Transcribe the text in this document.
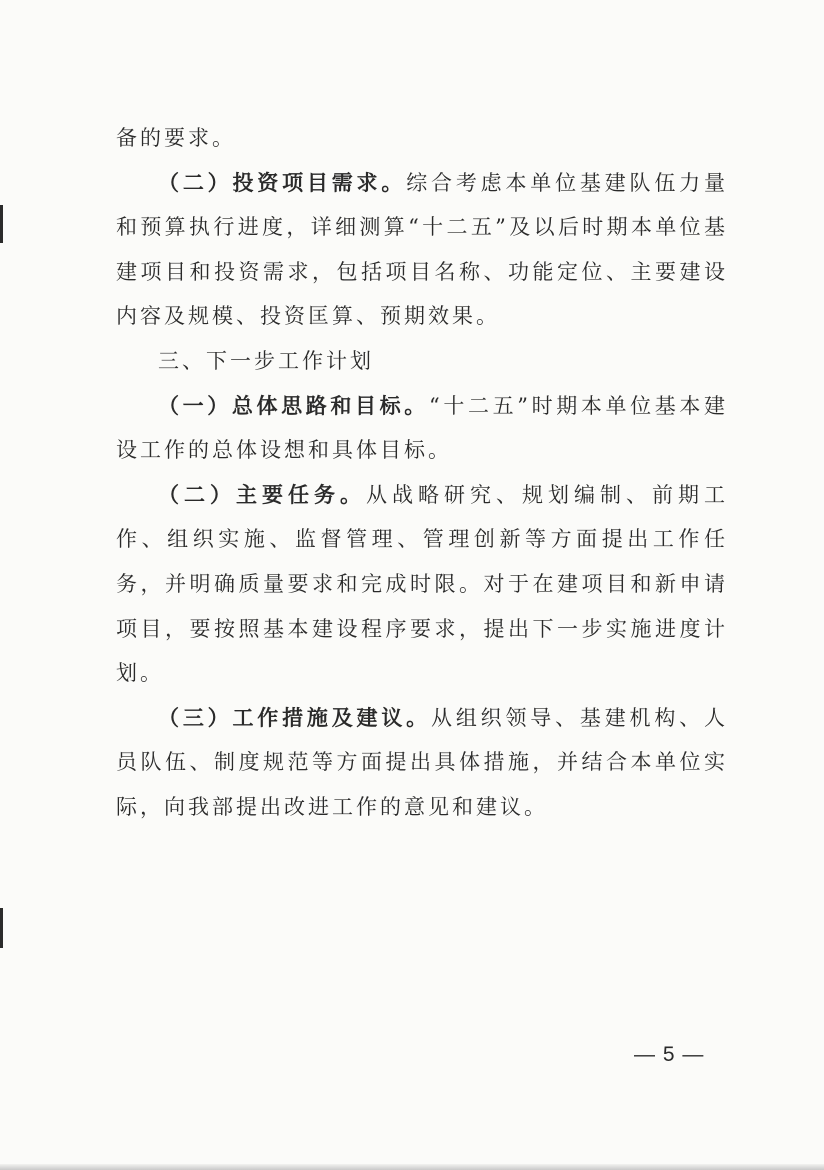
备的要求。

（二）投资项目需求。综合考虑本单位基建队伍力量和预算执行进度，详细测算“十二五”及以后时期本单位基建项目和投资需求，包括项目名称、功能定位、主要建设内容及规模、投资匡算、预期效果。

三、下一步工作计划

（一）总体思路和目标。“十二五”时期本单位基本建设工作的总体设想和具体目标。

（二）主要任务。从战略研究、规划编制、前期工作、组织实施、监督管理、管理创新等方面提出工作任务，并明确质量要求和完成时限。对于在建项目和新申请项目，要按照基本建设程序要求，提出下一步实施进度计划。

（三）工作措施及建议。从组织领导、基建机构、人员队伍、制度规范等方面提出具体措施，并结合本单位实际，向我部提出改进工作的意见和建议。

— 5 —
